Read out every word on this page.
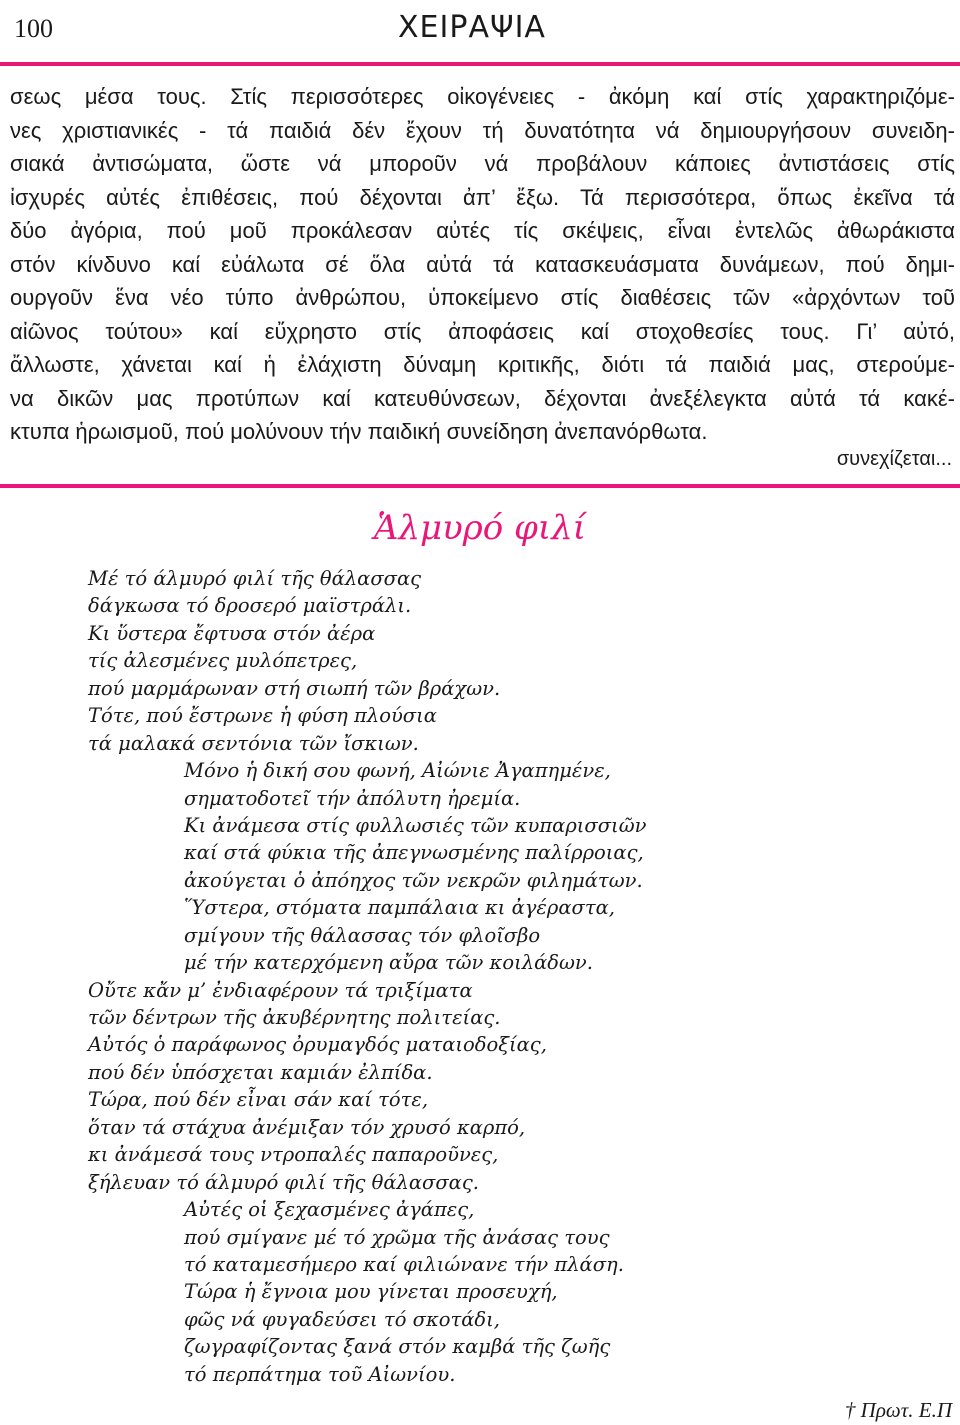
100	ΧΕΙΡΑΨΙΑ
σεως μέσα τους. Στίς περισσότερες οἰκογένειες - ἀκόμη καί στίς χαρακτηριζόμε-
νες χριστιανικές - τά παιδιά δέν ἔχουν τή δυνατότητα νά δημιουργήσουν συνειδη-
σιακά ἀντισώματα, ὥστε νά μποροῦν νά προβάλουν κάποιες ἀντιστάσεις στίς
ἰσχυρές αὐτές ἐπιθέσεις, πού δέχονται ἀπ’ ἔξω. Τά περισσότερα, ὅπως ἐκεῖνα τά
δύο ἀγόρια, πού μοῦ προκάλεσαν αὐτές τίς σκέψεις, εἶναι ἐντελῶς ἀθωράκιστα
στόν κίνδυνο καί εὐάλωτα σέ ὅλα αὐτά τά κατασκευάσματα δυνάμεων, πού δημι-
ουργοῦν ἕνα νέο τύπο ἀνθρώπου, ὑποκείμενο στίς διαθέσεις τῶν «ἀρχόντων τοῦ
αἰῶνος τούτου» καί εὔχρηστο στίς ἀποφάσεις καί στοχοθεσίες τους. Γι’ αὐτό,
ἄλλωστε, χάνεται καί ἡ ἐλάχιστη δύναμη κριτικῆς, διότι τά παιδιά μας, στερούμε-
να δικῶν μας προτύπων καί κατευθύνσεων, δέχονται ἀνεξέλεγκτα αὐτά τά κακέ-
κτυπα ἡρωισμοῦ, πού μολύνουν τήν παιδική συνείδηση ἀνεπανόρθωτα.
συνεχίζεται...
Ἁλμυρό φιλί
Μέ τό άλμυρό φιλί τῆς θάλασσας
δάγκωσα τό δροσερό μαϊστράλι.
Κι ὕστερα ἔφτυσα στόν ἀέρα
τίς ἀλεσμένες μυλόπετρες,
πού μαρμάρωναν στή σιωπή τῶν βράχων.
Τότε, πού ἔστρωνε ἡ φύση πλούσια
τά μαλακά σεντόνια τῶν ἴσκιων.
Μόνο ἡ δική σου φωνή, Αἰώνιε Ἀγαπημένε,
σηματοδοτεῖ τήν ἀπόλυτη ἠρεμία.
Κι ἀνάμεσα στίς φυλλωσιές τῶν κυπαρισσιῶν
καί στά φύκια τῆς ἀπεγνωσμένης παλίρροιας,
ἀκούγεται ὁ ἀπόηχος τῶν νεκρῶν φιλημάτων.
Ὕστερα, στόματα παμπάλαια κι ἀγέραστα,
σμίγουν τῆς θάλασσας τόν φλοῖσβο
μέ τήν κατερχόμενη αὔρα τῶν κοιλάδων.
Οὔτε κἄν μ’ ἐνδιαφέρουν τά τριξίματα
τῶν δέντρων τῆς ἀκυβέρνητης πολιτείας.
Αὐτός ὁ παράφωνος ὀρυμαγδός ματαιοδοξίας,
πού δέν ὑπόσχεται καμιάν ἐλπίδα.
Τώρα, πού δέν εἶναι σάν καί τότε,
ὅταν τά στάχυα ἀνέμιξαν τόν χρυσό καρπό,
κι ἀνάμεσά τους ντροπαλές παπαροῦνες,
ξήλευαν τό άλμυρό φιλί τῆς θάλασσας.
Αὐτές οἱ ξεχασμένες ἀγάπες,
πού σμίγανε μέ τό χρῶμα τῆς ἀνάσας τους
τό καταμεσήμερο καί φιλιώνανε τήν πλάση.
Τώρα ἡ ἔγνοια μου γίνεται προσευχή,
φῶς νά φυγαδεύσει τό σκοτάδι,
ζωγραφίζοντας ξανά στόν καμβά τῆς ζωῆς
τό περπάτημα τοῦ Αἰωνίου.
† Πρωτ. Ε.Π
